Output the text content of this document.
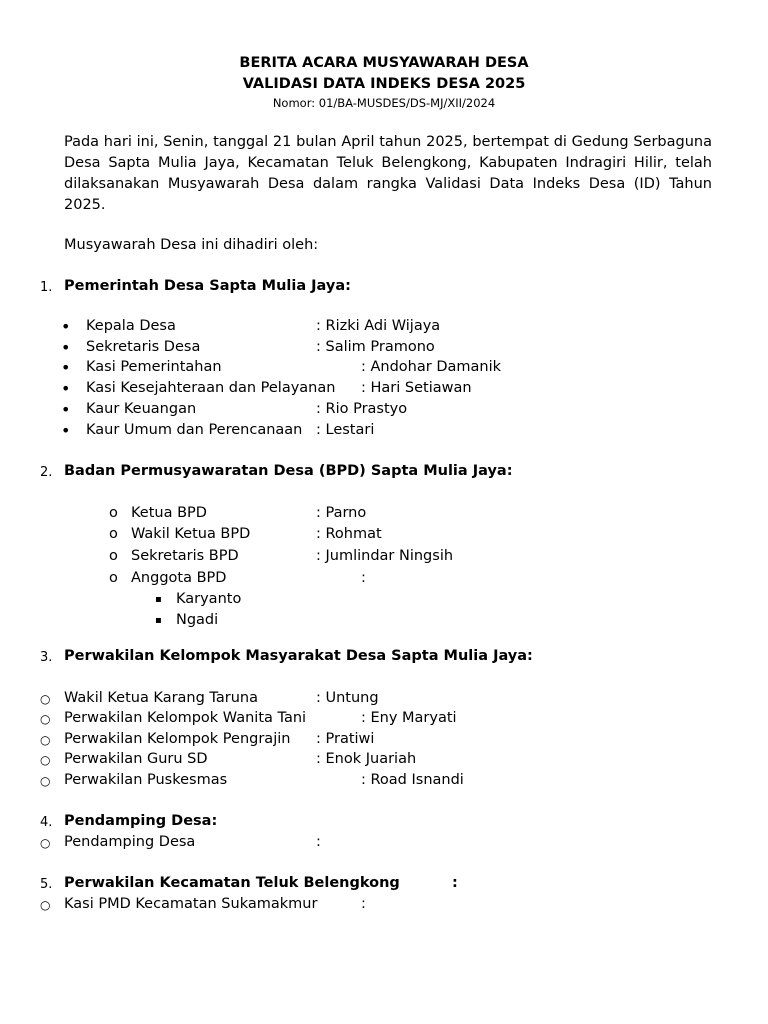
BERITA ACARA MUSYAWARAH DESA
VALIDASI DATA INDEKS DESA 2025
Nomor: 01/BA-MUSDES/DS-MJ/XII/2024
Pada hari ini, Senin, tanggal 21 bulan April tahun 2025, bertempat di Gedung Serbaguna Desa Sapta Mulia Jaya, Kecamatan Teluk Belengkong, Kabupaten Indragiri Hilir, telah dilaksanakan Musyawarah Desa dalam rangka Validasi Data Indeks Desa (ID) Tahun 2025.
Musyawarah Desa ini dihadiri oleh:
1. Pemerintah Desa Sapta Mulia Jaya:
• Kepala Desa	: Rizki Adi Wijaya
• Sekretaris Desa	: Salim Pramono
• Kasi Pemerintahan	: Andohar Damanik
• Kasi Kesejahteraan dan Pelayanan : Hari Setiawan
• Kaur Keuangan	: Rio Prastyo
• Kaur Umum dan Perencanaan : Lestari
2. Badan Permusyawaratan Desa (BPD) Sapta Mulia Jaya:
o Ketua BPD	: Parno
o Wakil Ketua BPD	: Rohmat
o Sekretaris BPD	: Jumlindar Ningsih
o Anggota BPD	:
▪ Karyanto
▪ Ngadi
3. Perwakilan Kelompok Masyarakat Desa Sapta Mulia Jaya:
○ Wakil Ketua Karang Taruna	: Untung
○ Perwakilan Kelompok Wanita Tani	: Eny Maryati
○ Perwakilan Kelompok Pengrajin : Pratiwi
○ Perwakilan Guru SD	: Enok Juariah
○ Perwakilan Puskesmas	: Road Isnandi
4. Pendamping Desa:
○ Pendamping Desa	:
5. Perwakilan Kecamatan Teluk Belengkong	:
○ Kasi PMD Kecamatan Sukamakmur	:
